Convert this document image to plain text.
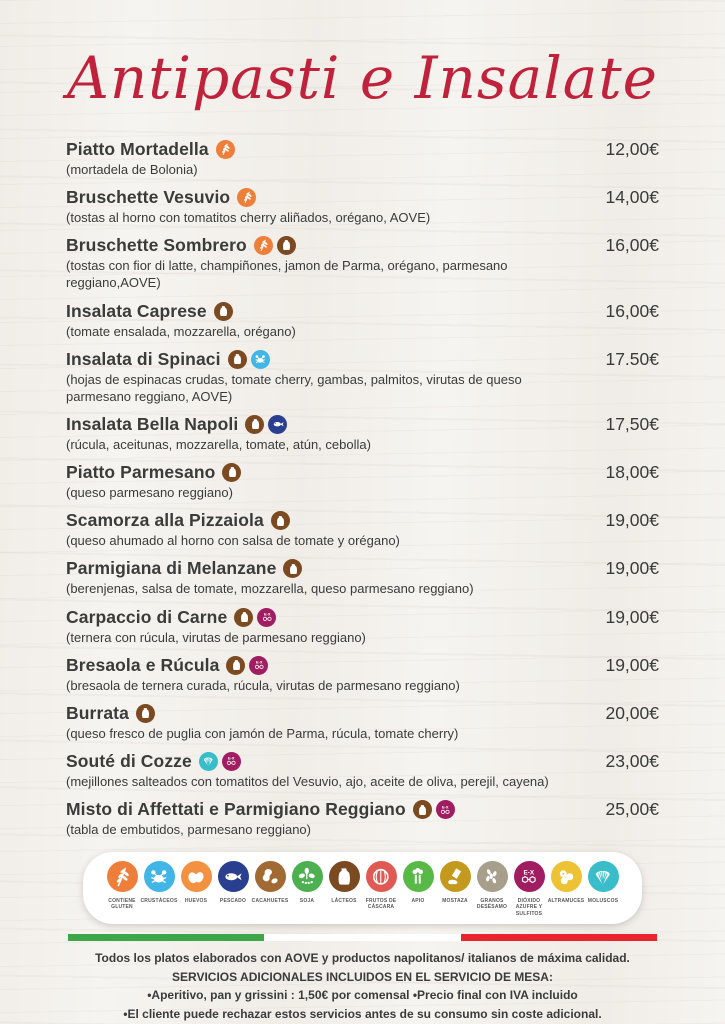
Antipasti e Insalate
Piatto Mortadella	12,00€
(mortadela de Bolonia)
Bruschette Vesuvio	14,00€
(tostas al horno con tomatitos cherry aliñados, orégano, AOVE)
Bruschette Sombrero	16,00€
(tostas con fior di latte, champiñones, jamon de Parma, orégano, parmesano reggiano,AOVE)
Insalata Caprese	16,00€
(tomate ensalada, mozzarella, orégano)
Insalata di Spinaci	17.50€
(hojas de espinacas crudas, tomate cherry, gambas, palmitos, virutas de queso parmesano reggiano, AOVE)
Insalata Bella Napoli	17,50€
(rúcula, aceitunas, mozzarella, tomate, atún, cebolla)
Piatto Parmesano	18,00€
(queso parmesano reggiano)
Scamorza alla Pizzaiola	19,00€
(queso ahumado al horno con salsa de tomate y orégano)
Parmigiana di Melanzane	19,00€
(berenjenas, salsa de tomate, mozzarella, queso parmesano reggiano)
Carpaccio di Carne	19,00€
(ternera con rúcula, virutas de parmesano reggiano)
Bresaola e Rúcula	19,00€
(bresaola de ternera curada, rúcula, virutas de parmesano reggiano)
Burrata	20,00€
(queso fresco de puglia con jamón de Parma, rúcula, tomate cherry)
Souté di Cozze	23,00€
(mejillones salteados con tomatitos del Vesuvio, ajo, aceite de oliva, perejil, cayena)
Misto di Affettati e Parmigiano Reggiano	25,00€
(tabla de embutidos, parmesano reggiano)
CONTIENE GLUTEN
CRUSTÁCEOS HUEVOS	PESCADO CACAHUETES SOJA	LÁCTEOS	FRUTOS DE CÁSCARA
APIO	MOSTAZA	GRANOS DESÉSAMO
DIÓXIDO AZUFRE Y SULFITOS
ALTRAMUCES MOLUSCOS
Todos los platos elaborados con AOVE y productos napolitanos/ italianos de máxima calidad.
SERVICIOS ADICIONALES INCLUIDOS EN EL SERVICIO DE MESA:
•Aperitivo, pan y grissini : 1,50€ por comensal •Precio final con IVA incluido
•El cliente puede rechazar estos servicios antes de su consumo sin coste adicional.
